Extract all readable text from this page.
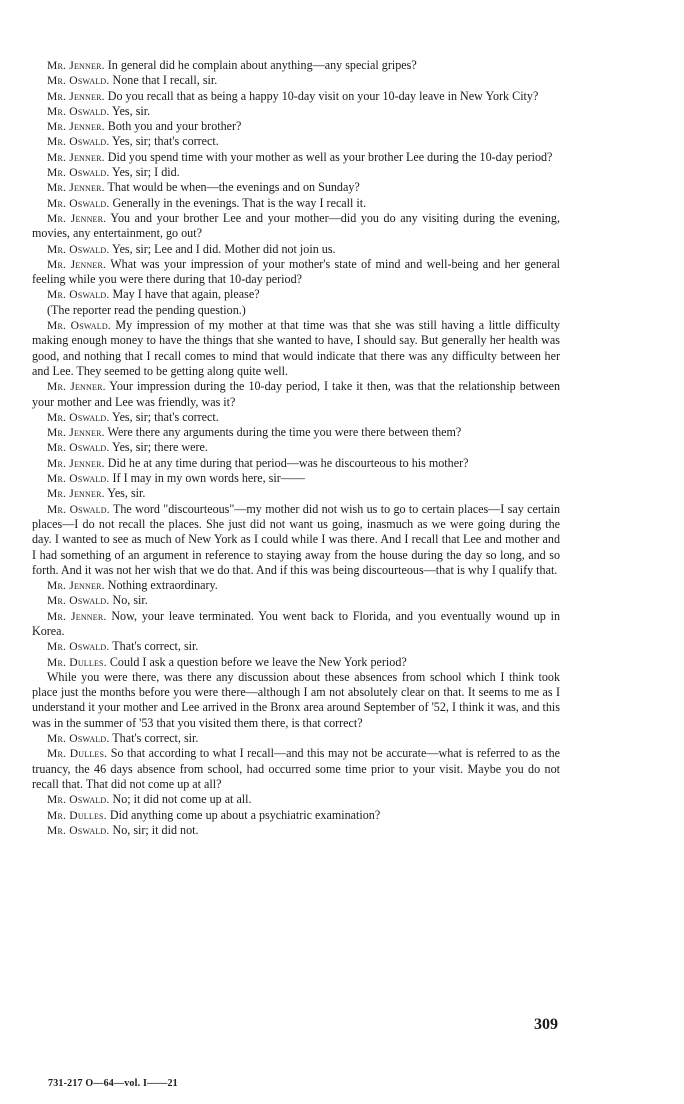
Mr. Jenner. In general did he complain about anything—any special gripes?

Mr. Oswald. None that I recall, sir.

Mr. Jenner. Do you recall that as being a happy 10-day visit on your 10-day leave in New York City?

Mr. Oswald. Yes, sir.

Mr. Jenner. Both you and your brother?

Mr. Oswald. Yes, sir; that's correct.

Mr. Jenner. Did you spend time with your mother as well as your brother Lee during the 10-day period?

Mr. Oswald. Yes, sir; I did.

Mr. Jenner. That would be when—the evenings and on Sunday?

Mr. Oswald. Generally in the evenings. That is the way I recall it.

Mr. Jenner. You and your brother Lee and your mother—did you do any visiting during the evening, movies, any entertainment, go out?

Mr. Oswald. Yes, sir; Lee and I did. Mother did not join us.

Mr. Jenner. What was your impression of your mother's state of mind and well-being and her general feeling while you were there during that 10-day period?

Mr. Oswald. May I have that again, please?

(The reporter read the pending question.)

Mr. Oswald. My impression of my mother at that time was that she was still having a little difficulty making enough money to have the things that she wanted to have, I should say. But generally her health was good, and nothing that I recall comes to mind that would indicate that there was any difficulty between her and Lee. They seemed to be getting along quite well.

Mr. Jenner. Your impression during the 10-day period, I take it then, was that the relationship between your mother and Lee was friendly, was it?

Mr. Oswald. Yes, sir; that's correct.

Mr. Jenner. Were there any arguments during the time you were there between them?

Mr. Oswald. Yes, sir; there were.

Mr. Jenner. Did he at any time during that period—was he discourteous to his mother?

Mr. Oswald. If I may in my own words here, sir——

Mr. Jenner. Yes, sir.

Mr. Oswald. The word "discourteous"—my mother did not wish us to go to certain places—I say certain places—I do not recall the places. She just did not want us going, inasmuch as we were going during the day. I wanted to see as much of New York as I could while I was there. And I recall that Lee and mother and I had something of an argument in reference to staying away from the house during the day so long, and so forth. And it was not her wish that we do that. And if this was being discourteous—that is why I qualify that.

Mr. Jenner. Nothing extraordinary.

Mr. Oswald. No, sir.

Mr. Jenner. Now, your leave terminated. You went back to Florida, and you eventually wound up in Korea.

Mr. Oswald. That's correct, sir.

Mr. Dulles. Could I ask a question before we leave the New York period?

While you were there, was there any discussion about these absences from school which I think took place just the months before you were there—although I am not absolutely clear on that. It seems to me as I understand it your mother and Lee arrived in the Bronx area around September of '52, I think it was, and this was in the summer of '53 that you visited them there, is that correct?

Mr. Oswald. That's correct, sir.

Mr. Dulles. So that according to what I recall—and this may not be accurate—what is referred to as the truancy, the 46 days absence from school, had occurred some time prior to your visit. Maybe you do not recall that. That did not come up at all?

Mr. Oswald. No; it did not come up at all.

Mr. Dulles. Did anything come up about a psychiatric examination?

Mr. Oswald. No, sir; it did not.

309
731-217 O—64—vol. I——21
